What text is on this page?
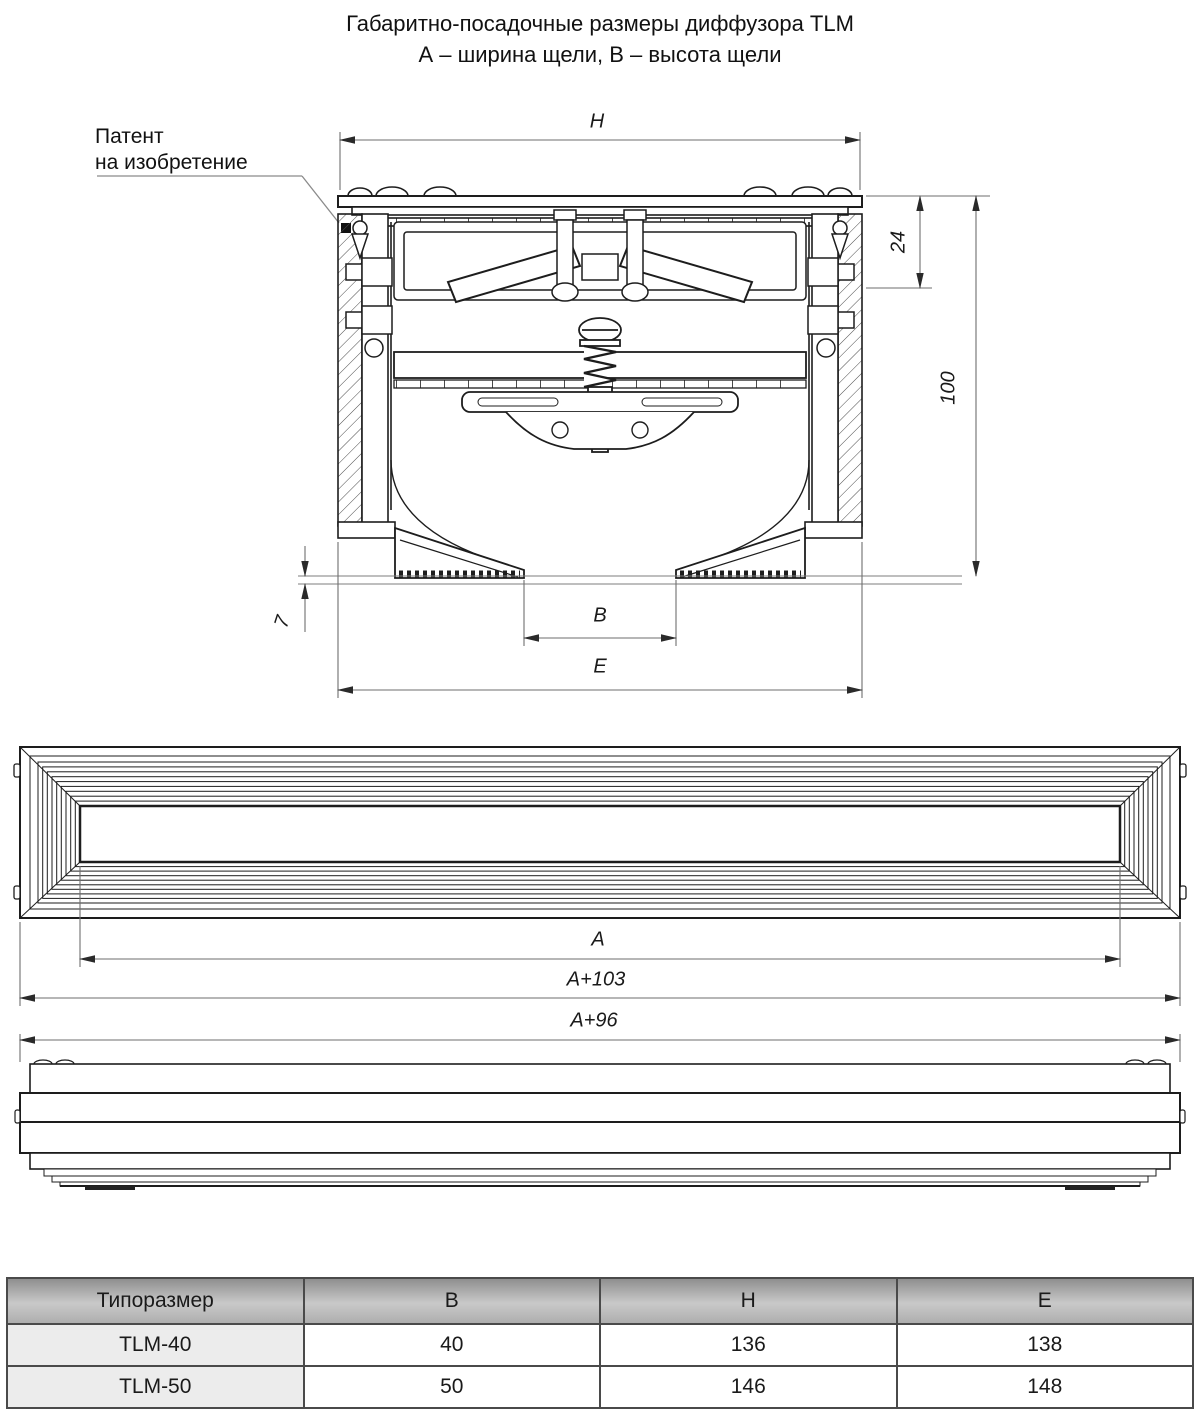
Габаритно-посадочные размеры диффузора TLM
А – ширина щели, В – высота щели
Патент
на изобретение
H
24
100
7	B
E
A
A+103
A+96
Типоразмер	B	H	E
TLM-40	40	136	138
TLM-50	50	146	148
